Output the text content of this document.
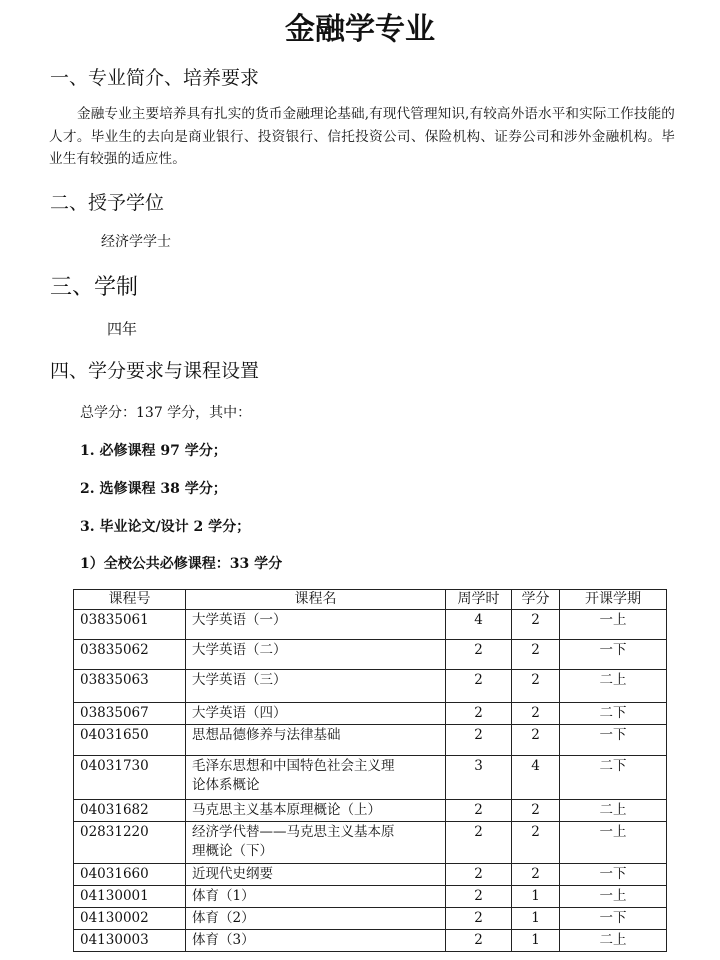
金融学专业
一、专业简介、培养要求
金融专业主要培养具有扎实的货币金融理论基础,有现代管理知识,有较高外语水平和实际工作技能的人才。毕业生的去向是商业银行、投资银行、信托投资公司、保险机构、证券公司和涉外金融机构。毕业生有较强的适应性。
二、授予学位
经济学学士
三、学制
四年
四、学分要求与课程设置
总学分：137 学分，其中：
1. 必修课程 97 学分；
2. 选修课程 38 学分；
3. 毕业论文/设计 2 学分；
1）全校公共必修课程：33 学分
课程号	课程名	周学时	学分	开课学期
03835061	大学英语（一）	4	2	一上
03835062	大学英语（二）	2	2	一下
03835063	大学英语（三）	2	2	二上
03835067	大学英语（四）	2	2	二下
04031650	思想品德修养与法律基础	2	2	一下
04031730	毛泽东思想和中国特色社会主义理
论体系概论	3	4	二下
04031682	马克思主义基本原理概论（上）	2	2	二上
02831220	经济学代替——马克思主义基本原
理概论（下）	2	2	一上
04031660	近现代史纲要	2	2	一下
04130001	体育（1）	2	1	一上
04130002	体育（2）	2	1	一下
04130003	体育（3）	2	1	二上
